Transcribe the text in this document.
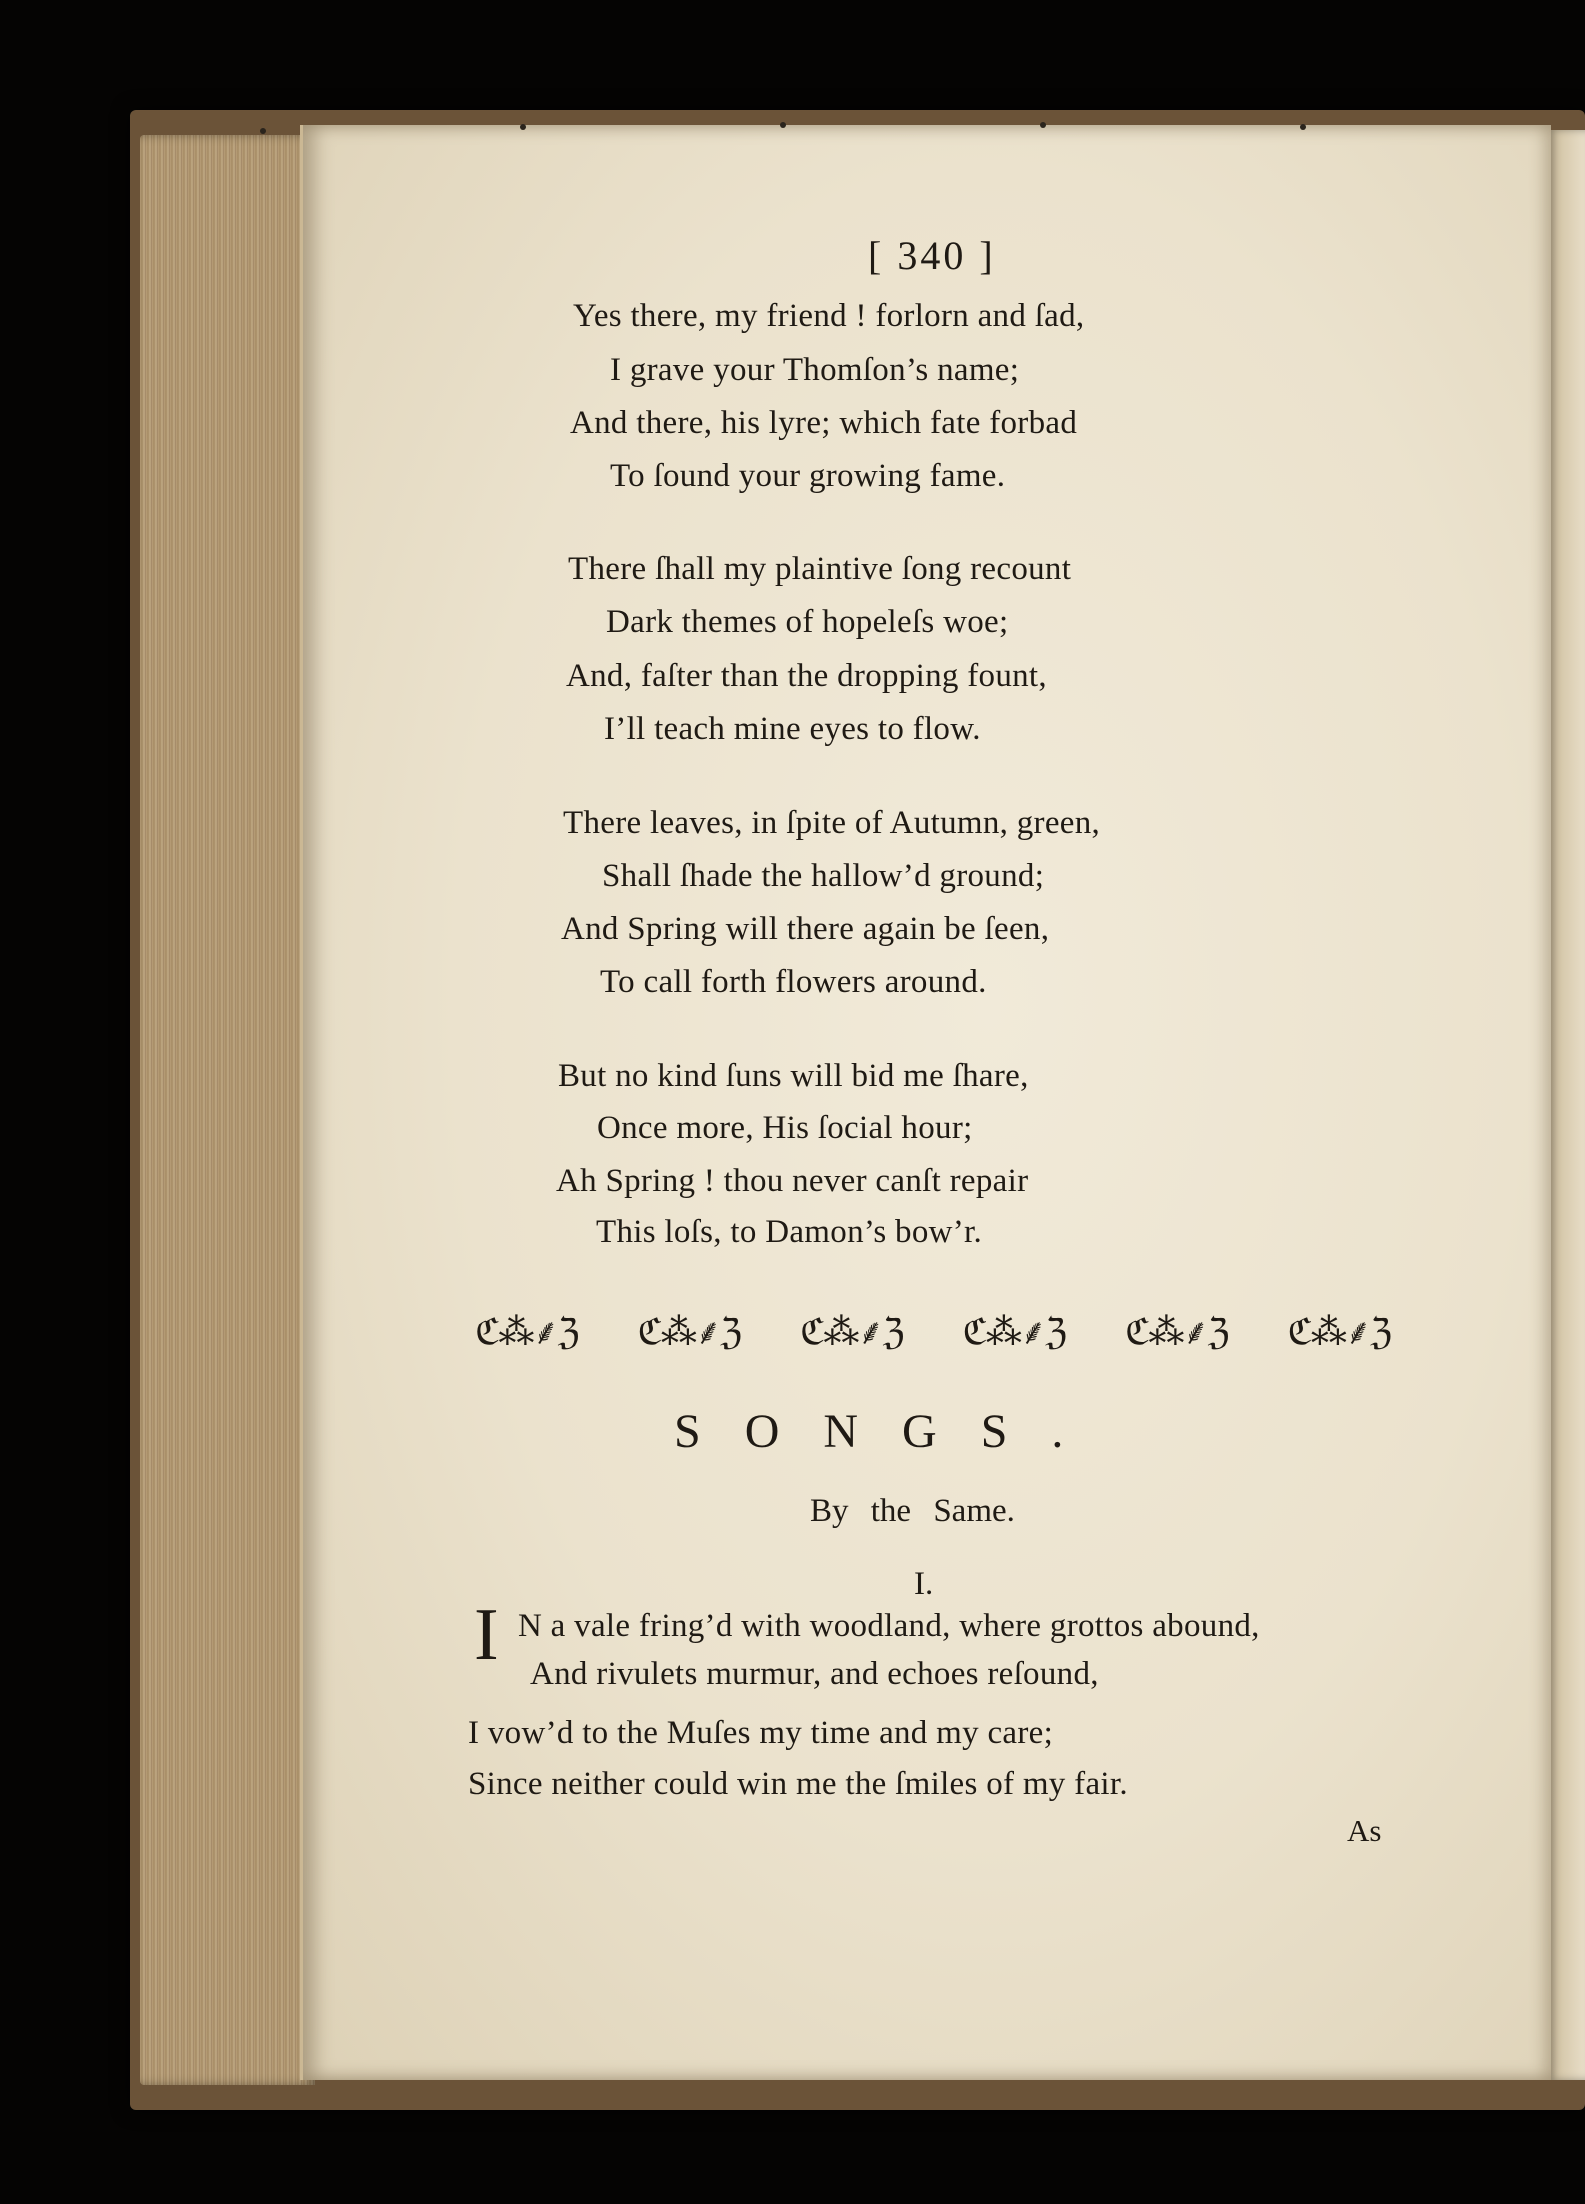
[ 340 ]
Yes there, my friend ! forlorn and ſad,
I grave your Thomſon’s name;
And there, his lyre; which fate forbad
To ſound your growing fame.
There ſhall my plaintive ſong recount
Dark themes of hopeleſs woe;
And, faſter than the dropping fount,
I’ll teach mine eyes to flow.
There leaves, in ſpite of Autumn, green,
Shall ſhade the hallow’d ground;
And Spring will there again be ſeen,
To call forth flowers around.
But no kind ſuns will bid me ſhare,
Once more, His ſocial hour;
Ah Spring ! thou never canſt repair
This loſs, to Damon’s bow’r.
ℭ⁂⸙ℨ ℭ⁂⸙ℨ ℭ⁂⸙ℨ ℭ⁂⸙ℨ ℭ⁂⸙ℨ ℭ⁂⸙ℨ
SONGS.
By the Same.
I.
I N a vale fring’d with woodland, where grottos abound,
And rivulets murmur, and echoes reſound,
I vow’d to the Muſes my time and my care;
Since neither could win me the ſmiles of my fair.
As
